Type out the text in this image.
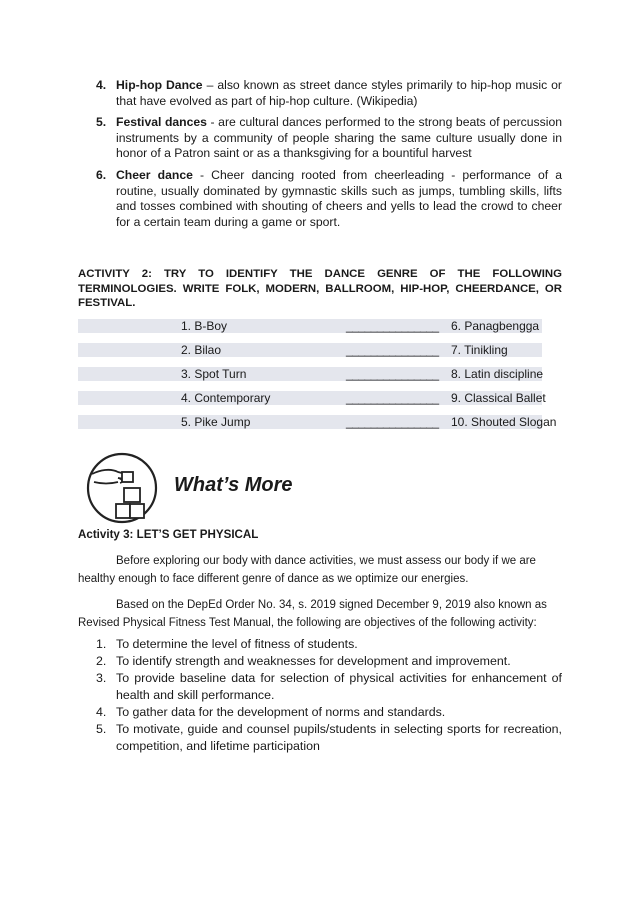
4. Hip-hop Dance – also known as street dance styles primarily to hip-hop music or that have evolved as part of hip-hop culture. (Wikipedia)
5. Festival dances - are cultural dances performed to the strong beats of percussion instruments by a community of people sharing the same culture usually done in honor of a Patron saint or as a thanksgiving for a bountiful harvest
6. Cheer dance - Cheer dancing rooted from cheerleading - performance of a routine, usually dominated by gymnastic skills such as jumps, tumbling skills, lifts and tosses combined with shouting of cheers and yells to lead the crowd to cheer for a certain team during a game or sport.

ACTIVITY 2: TRY TO IDENTIFY THE DANCE GENRE OF THE FOLLOWING TERMINOLOGIES. WRITE FOLK, MODERN, BALLROOM, HIP-HOP, CHEERDANCE, OR FESTIVAL.

1. B-Boy	_______________ 6. Panagbengga
2. Bilao	_______________ 7. Tinikling
3. Spot Turn	_______________ 8. Latin discipline
4. Contemporary	_______________ 9. Classical Ballet
5. Pike Jump	_______________ 10. Shouted Slogan
What’s More
Activity 3: LET’S GET PHYSICAL

Before exploring our body with dance activities, we must assess our body if we are healthy enough to face different genre of dance as we optimize our energies.

Based on the DepEd Order No. 34, s. 2019 signed December 9, 2019 also known as Revised Physical Fitness Test Manual, the following are objectives of the following activity:

1. To determine the level of fitness of students.
2. To identify strength and weaknesses for development and improvement.
3. To provide baseline data for selection of physical activities for enhancement of health and skill performance.
4. To gather data for the development of norms and standards.
5. To motivate, guide and counsel pupils/students in selecting sports for recreation, competition, and lifetime participation
